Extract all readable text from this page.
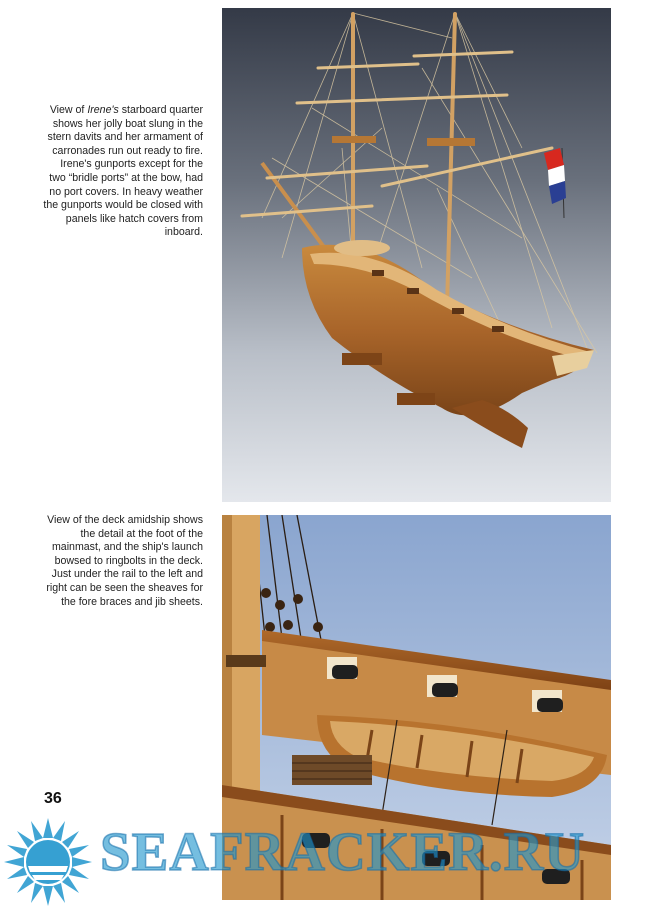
View of Irene's starboard quarter shows her jolly boat slung in the stern davits and her armament of carronades run out ready to fire. Irene's gunports except for the two “bridle ports” at the bow, had no port covers. In heavy weather the gunports would be closed with panels like hatch covers from inboard.
View of the deck amidship shows the detail at the foot of the mainmast, and the ship's launch bowsed to ringbolts in the deck. Just under the rail to the left and right can be seen the sheaves for the fore braces and jib sheets.
36
SEAFRACKER.RU
